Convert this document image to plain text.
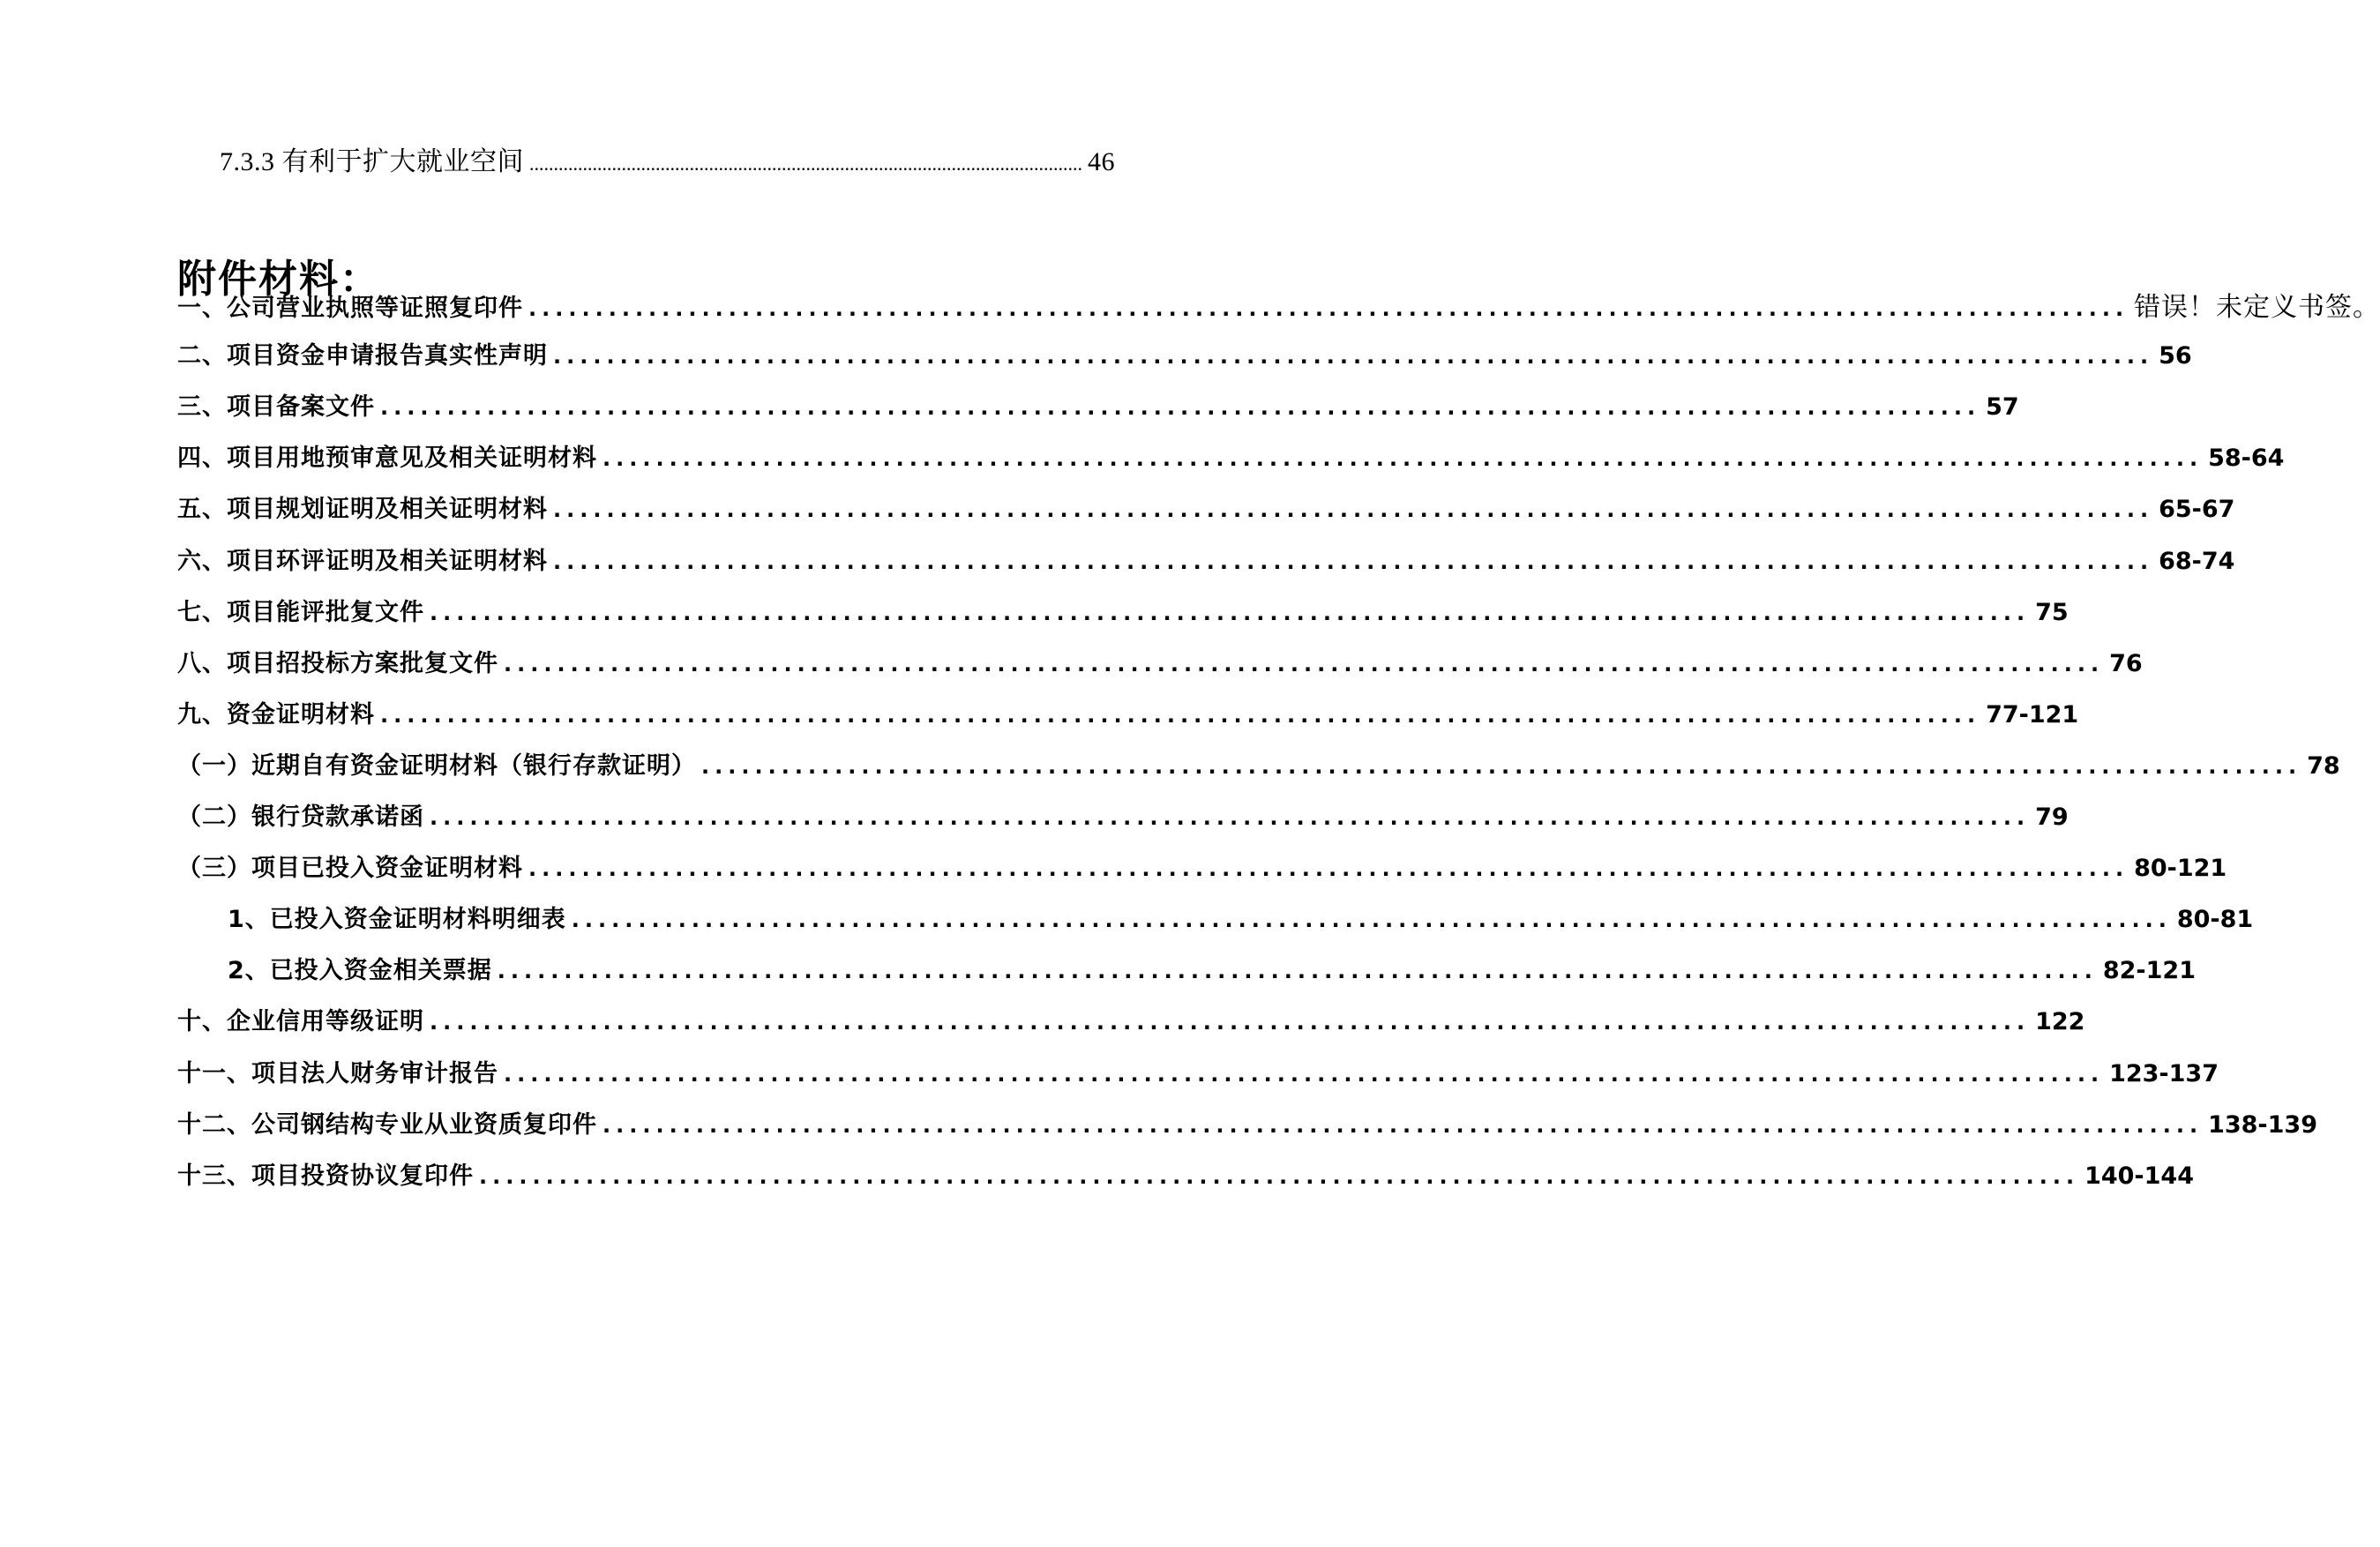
7.3.3 有利于扩大就业空间 .................................................................................................................. 46
附件材料：
一、公司营业执照等证照复印件 ........................................................................................................................ 错误！未定义书签。
二、项目资金申请报告真实性声明 ........................................................................................................................ 56
三、项目备案文件 ........................................................................................................................ 57
四、项目用地预审意见及相关证明材料 ........................................................................................................................ 58-64
五、项目规划证明及相关证明材料 ........................................................................................................................ 65-67
六、项目环评证明及相关证明材料 ........................................................................................................................ 68-74
七、项目能评批复文件 ........................................................................................................................ 75
八、项目招投标方案批复文件 ........................................................................................................................ 76
九、资金证明材料 ........................................................................................................................ 77-121
（一）近期自有资金证明材料（银行存款证明） ........................................................................................................................ 78
（二）银行贷款承诺函 ........................................................................................................................ 79
（三）项目已投入资金证明材料 ........................................................................................................................ 80-121
1、已投入资金证明材料明细表 ........................................................................................................................ 80-81
2、已投入资金相关票据 ........................................................................................................................ 82-121
十、企业信用等级证明 ........................................................................................................................ 122
十一、项目法人财务审计报告 ........................................................................................................................ 123-137
十二、公司钢结构专业从业资质复印件 ........................................................................................................................ 138-139
十三、项目投资协议复印件 ........................................................................................................................ 140-144
